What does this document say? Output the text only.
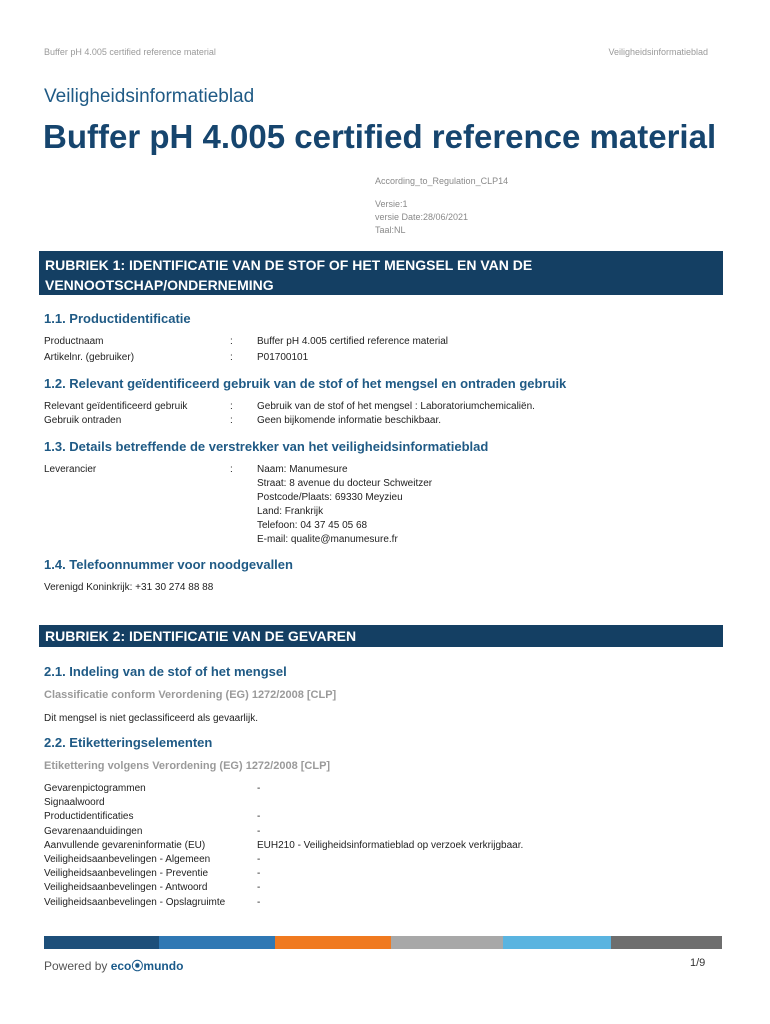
Buffer pH 4.005 certified reference material	Veiligheidsinformatieblad
Veiligheidsinformatieblad
Buffer pH 4.005 certified reference material
According_to_Regulation_CLP14
Versie:1
versie Date:28/06/2021
Taal:NL
RUBRIEK 1: IDENTIFICATIE VAN DE STOF OF HET MENGSEL EN VAN DE
VENNOOTSCHAP/ONDERNEMING
1.1. Productidentificatie
Productnaam	: Buffer pH 4.005 certified reference material
Artikelnr. (gebruiker)	: P01700101
1.2. Relevant geïdentificeerd gebruik van de stof of het mengsel en ontraden gebruik
Relevant geïdentificeerd gebruik	: Gebruik van de stof of het mengsel : Laboratoriumchemicaliën.
Gebruik ontraden	: Geen bijkomende informatie beschikbaar.
1.3. Details betreffende de verstrekker van het veiligheidsinformatieblad
Leverancier	: Naam: Manumesure
Straat: 8 avenue du docteur Schweitzer
Postcode/Plaats: 69330 Meyzieu
Land: Frankrijk
Telefoon: 04 37 45 05 68
E-mail: qualite@manumesure.fr
1.4. Telefoonnummer voor noodgevallen
Verenigd Koninkrijk: +31 30 274 88 88
RUBRIEK 2: IDENTIFICATIE VAN DE GEVAREN
2.1. Indeling van de stof of het mengsel
Classificatie conform Verordening (EG) 1272/2008 [CLP]
Dit mengsel is niet geclassificeerd als gevaarlijk.
2.2. Etiketteringselementen
Etikettering volgens Verordening (EG) 1272/2008 [CLP]
Gevarenpictogrammen	-
Signaalwoord
Productidentificaties	-
Gevarenaanduidingen	-
Aanvullende gevareninformatie (EU)	EUH210 - Veiligheidsinformatieblad op verzoek verkrijgbaar.
Veiligheidsaanbevelingen - Algemeen	-
Veiligheidsaanbevelingen - Preventie	-
Veiligheidsaanbevelingen - Antwoord	-
Veiligheidsaanbevelingen - Opslagruimte	-
Powered by eco⦿mundo	1/9
